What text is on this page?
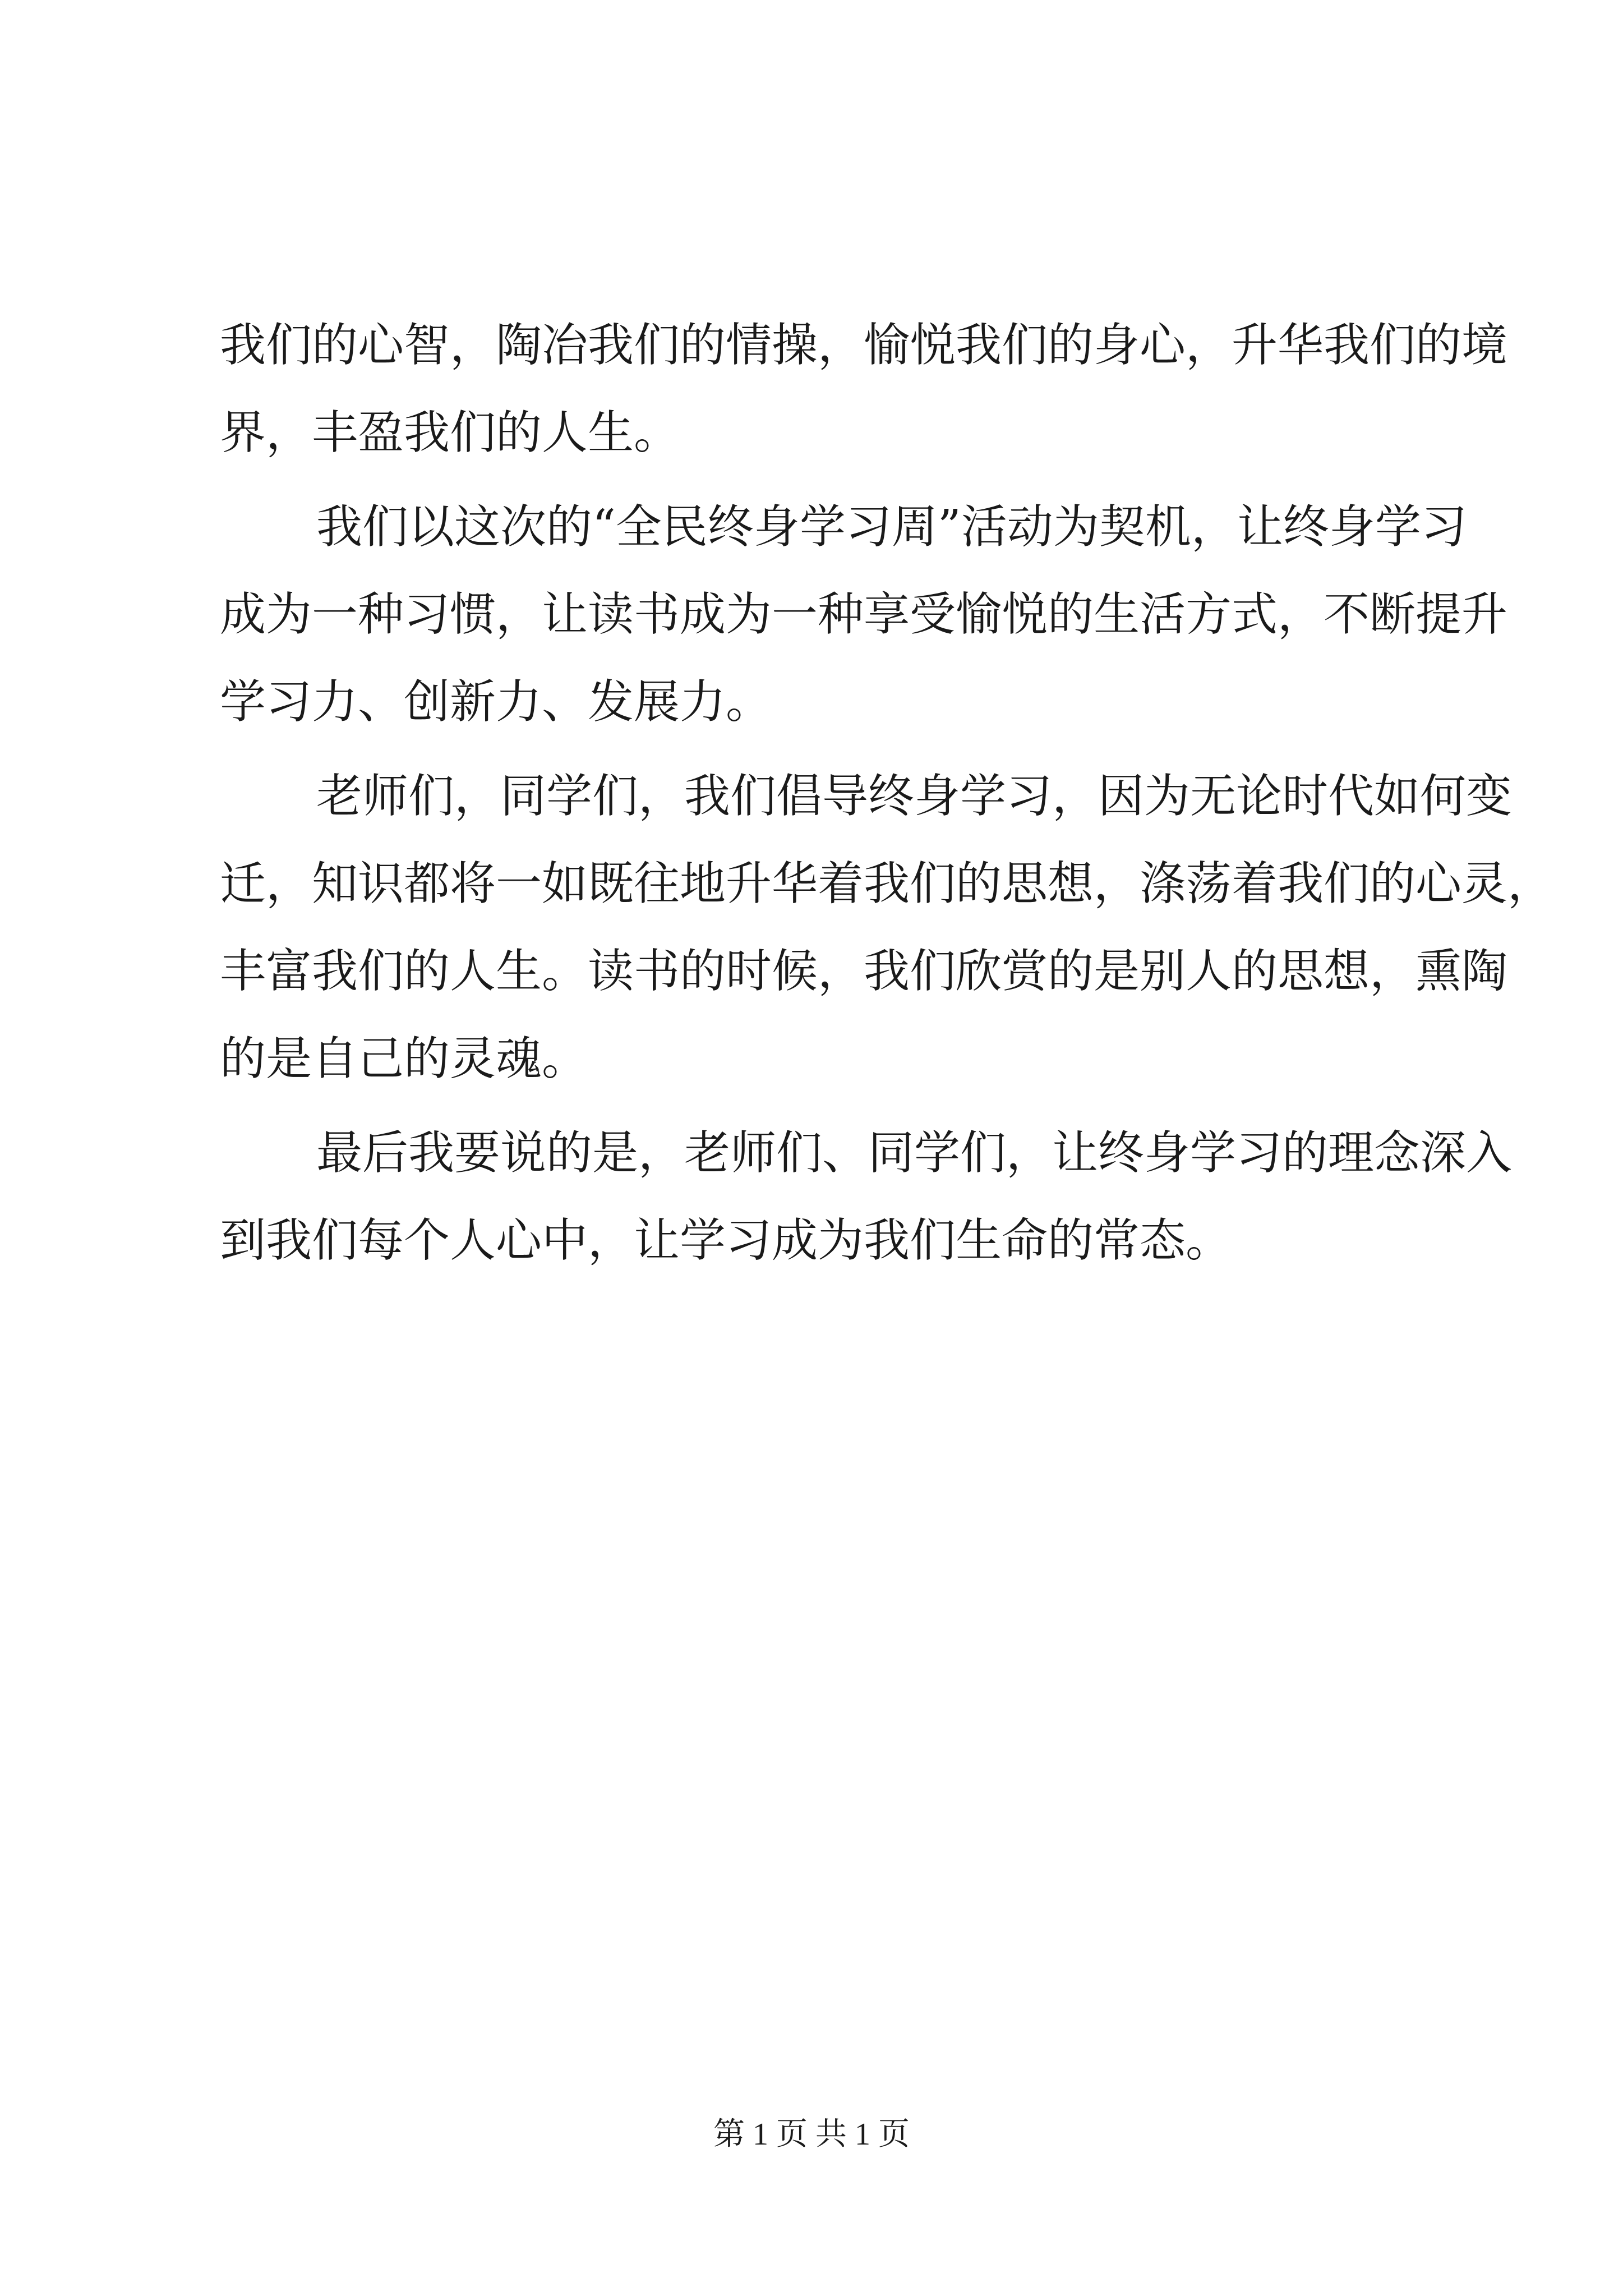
我们的心智，陶冶我们的情操，愉悦我们的身心，升华我们的境
界，丰盈我们的人生。
我们以这次的“全民终身学习周”活动为契机，让终身学习
成为一种习惯，让读书成为一种享受愉悦的生活方式，不断提升
学习力、创新力、发展力。
老师们，同学们，我们倡导终身学习，因为无论时代如何变
迁，知识都将一如既往地升华着我们的思想，涤荡着我们的心灵，
丰富我们的人生。读书的时候，我们欣赏的是别人的思想，熏陶
的是自己的灵魂。
最后我要说的是，老师们、同学们，让终身学习的理念深入
到我们每个人心中，让学习成为我们生命的常态。
第 1 页 共 1 页
